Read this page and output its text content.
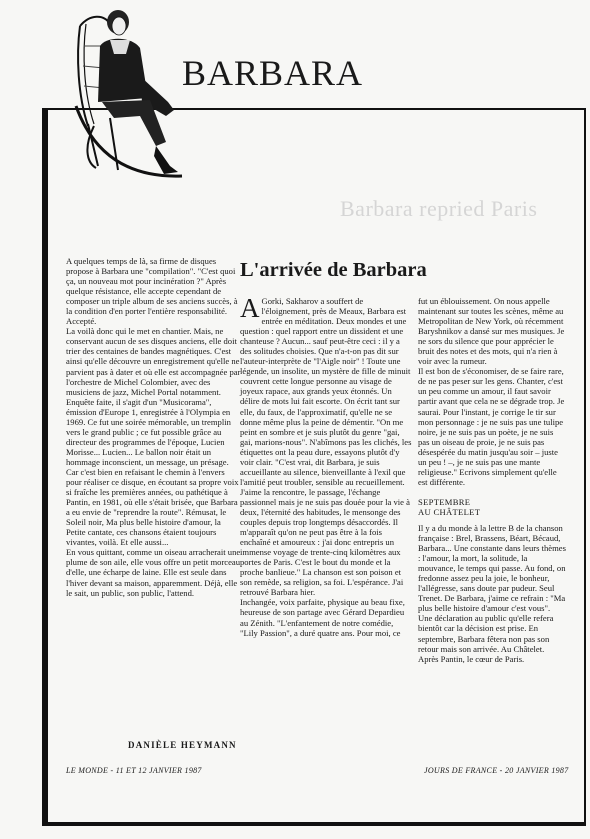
BARBARA
Barbara repried Paris

A quelques temps de là, sa firme de disques propose à Barbara une "compilation". "C'est quoi ça, un nouveau mot pour incinération ?" Après quelque résistance, elle accepte cependant de composer un triple album de ses anciens succès, à la condition d'en porter l'entière responsabilité. Accepté.
La voilà donc qui le met en chantier. Mais, ne conservant aucun de ses disques anciens, elle doit trier des centaines de bandes magnétiques. C'est ainsi qu'elle découvre un enregistrement qu'elle ne parvient pas à dater et où elle est accompagnée par l'orchestre de Michel Colombier, avec des musiciens de jazz, Michel Portal notamment.
Enquête faite, il s'agit d'un "Musicorama", émission d'Europe 1, enregistrée à l'Olympia en 1969. Ce fut une soirée mémorable, un tremplin vers le grand public ; ce fut possible grâce au directeur des programmes de l'époque, Lucien Morisse... Lucien... Le ballon noir était un hommage inconscient, un message, un présage.
Car c'est bien en refaisant le chemin à l'envers pour réaliser ce disque, en écoutant sa propre voix si fraîche les premières années, ou pathétique à Pantin, en 1981, où elle s'était brisée, que Barbara a eu envie de "reprendre la route". Rémusat, le Soleil noir, Ma plus belle histoire d'amour, la Petite cantate, ces chansons étaient toujours vivantes, voilà. Et elle aussi...
En vous quittant, comme un oiseau arracherait une plume de son aile, elle vous offre un petit morceau d'elle, une écharpe de laine. Elle est seule dans l'hiver devant sa maison, apparemment. Déjà, elle le sait, un public, son public, l'attend.

DANIÈLE HEYMANN
LE MONDE - 11 ET 12 JANVIER 1987
L'arrivée de Barbara
A Gorki, Sakharov a souffert de l'éloignement, près de Meaux, Barbara est entrée en méditation. Deux mondes et une question : quel rapport entre un dissident et une chanteuse ? Aucun... sauf peut-être ceci : il y a des solitudes choisies. Que n'a-t-on pas dit sur l'auteur-interprète de "l'Aigle noir" ! Toute une légende, un insolite, un mystère de fille de minuit couvrent cette longue personne au visage de joyeux rapace, aux grands yeux étonnés. Un délire de mots lui fait escorte. On écrit tant sur elle, du faux, de l'approximatif, qu'elle ne se donne même plus la peine de démentir. "On me peint en sombre et je suis plutôt du genre "gai, gai, marions-nous". N'abîmons pas les clichés, les étiquettes ont la peau dure, essayons plutôt d'y voir clair. "C'est vrai, dit Barbara, je suis accueillante au silence, bienveillante à l'exil que l'amitié peut troubler, sensible au recueillement. J'aime la rencontre, le passage, l'échange passionnel mais je ne suis pas douée pour la vie à deux, l'éternité des habitudes, le mensonge des couples depuis trop longtemps désaccordés. Il m'apparaît qu'on ne peut pas être à la fois enchaîné et amoureux : j'ai donc entrepris un immense voyage de trente-cinq kilomètres aux portes de Paris. C'est le bout du monde et la proche banlieue." La chanson est son poison et son remède, sa religion, sa foi. L'espérance. J'ai retrouvé Barbara hier.
Inchangée, voix parfaite, physique au beau fixe, heureuse de son partage avec Gérard Depardieu au Zénith. "L'enfantement de notre comédie, "Lily Passion", a duré quatre ans. Pour moi, ce

fut un éblouissement. On nous appelle maintenant sur toutes les scènes, même au Metropolitan de New York, où récemment Baryshnikov a dansé sur mes musiques. Je ne sors du silence que pour apprécier le bruit des notes et des mots, qui n'a rien à voir avec la rumeur.
Il est bon de s'économiser, de se faire rare, de ne pas peser sur les gens. Chanter, c'est un peu comme un amour, il faut savoir partir avant que cela ne se dégrade trop. Je saurai. Pour l'instant, je corrige le tir sur mon personnage : je ne suis pas une tulipe noire, je ne suis pas un poète, je ne suis pas un oiseau de proie, je ne suis pas désespérée du matin jusqu'au soir – juste un peu ! –, je ne suis pas une mante religieuse." Ecrivons simplement qu'elle est différente.

SEPTEMBRE
AU CHÂTELET

Il y a du monde à la lettre B de la chanson française : Brel, Brassens, Béart, Bécaud, Barbara... Une constante dans leurs thèmes : l'amour, la mort, la solitude, la mouvance, le temps qui passe. Au fond, on fredonne assez peu la joie, le bonheur, l'allégresse, sans doute par pudeur. Seul Trenet. De Barbara, j'aime ce refrain : "Ma plus belle histoire d'amour c'est vous". Une déclaration au public qu'elle refera bientôt car la décision est prise. En septembre, Barbara fêtera non pas son retour mais son arrivée. Au Châtelet. Après Pantin, le cœur de Paris.

JOURS DE FRANCE - 20 JANVIER 1987
